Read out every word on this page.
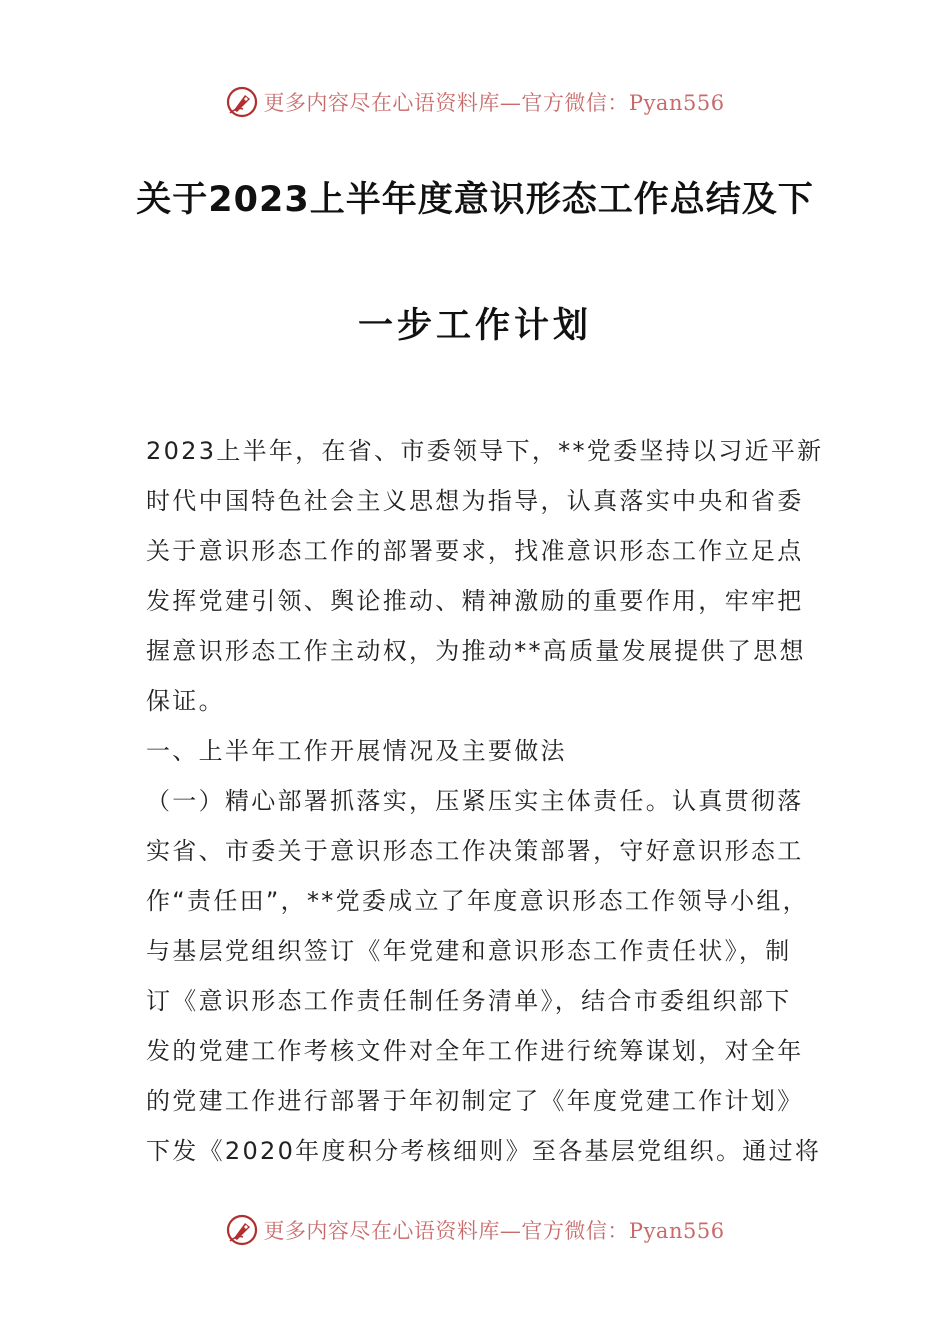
更多内容尽在心语资料库—官方微信：Pyan556
关于2023上半年度意识形态工作总结及下
一步工作计划

2023上半年，在省、市委领导下，**党委坚持以习近平新

时代中国特色社会主义思想为指导，认真落实中央和省委

关于意识形态工作的部署要求，找准意识形态工作立足点

发挥党建引领、舆论推动、精神激励的重要作用，牢牢把

握意识形态工作主动权，为推动**高质量发展提供了思想

保证。

一、上半年工作开展情况及主要做法

（一）精心部署抓落实，压紧压实主体责任。认真贯彻落

实省、市委关于意识形态工作决策部署，守好意识形态工

作“责任田”，**党委成立了年度意识形态工作领导小组，

与基层党组织签订《年党建和意识形态工作责任状》，制

订《意识形态工作责任制任务清单》，结合市委组织部下

发的党建工作考核文件对全年工作进行统筹谋划，对全年

的党建工作进行部署于年初制定了《年度党建工作计划》

下发《2020年度积分考核细则》至各基层党组织。通过将

更多内容尽在心语资料库—官方微信：Pyan556
